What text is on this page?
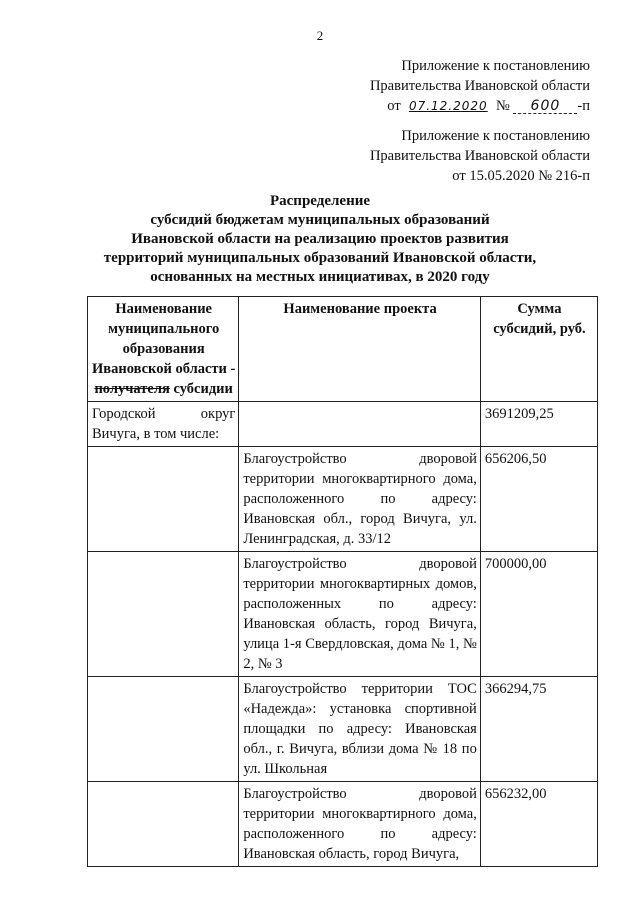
2
Приложение к постановлению
Правительства Ивановской области
от 07.12.2020 № 600 -п
Приложение к постановлению
Правительства Ивановской области
от 15.05.2020 № 216-п
Распределение
субсидий бюджетам муниципальных образований
Ивановской области на реализацию проектов развития
территорий муниципальных образований Ивановской области,
основанных на местных инициативах, в 2020 году
Наименование муниципального образования Ивановской области - получателя субсидии	Наименование проекта	Сумма субсидий, руб.
Городской округ Вичуга, в том числе:		3691209,25
	Благоустройство дворовой территории многоквартирного дома, расположенного по адресу: Ивановская обл., город Вичуга, ул. Ленинградская, д. 33/12	656206,50
	Благоустройство дворовой территории многоквартирных домов, расположенных по адресу: Ивановская область, город Вичуга, улица 1-я Свердловская, дома № 1, № 2, № 3	700000,00
	Благоустройство территории ТОС «Надежда»: установка спортивной площадки по адресу: Ивановская обл., г. Вичуга, вблизи дома № 18 по ул. Школьная	366294,75
	Благоустройство дворовой территории многоквартирного дома, расположенного по адресу: Ивановская область, город Вичуга,	656232,00
